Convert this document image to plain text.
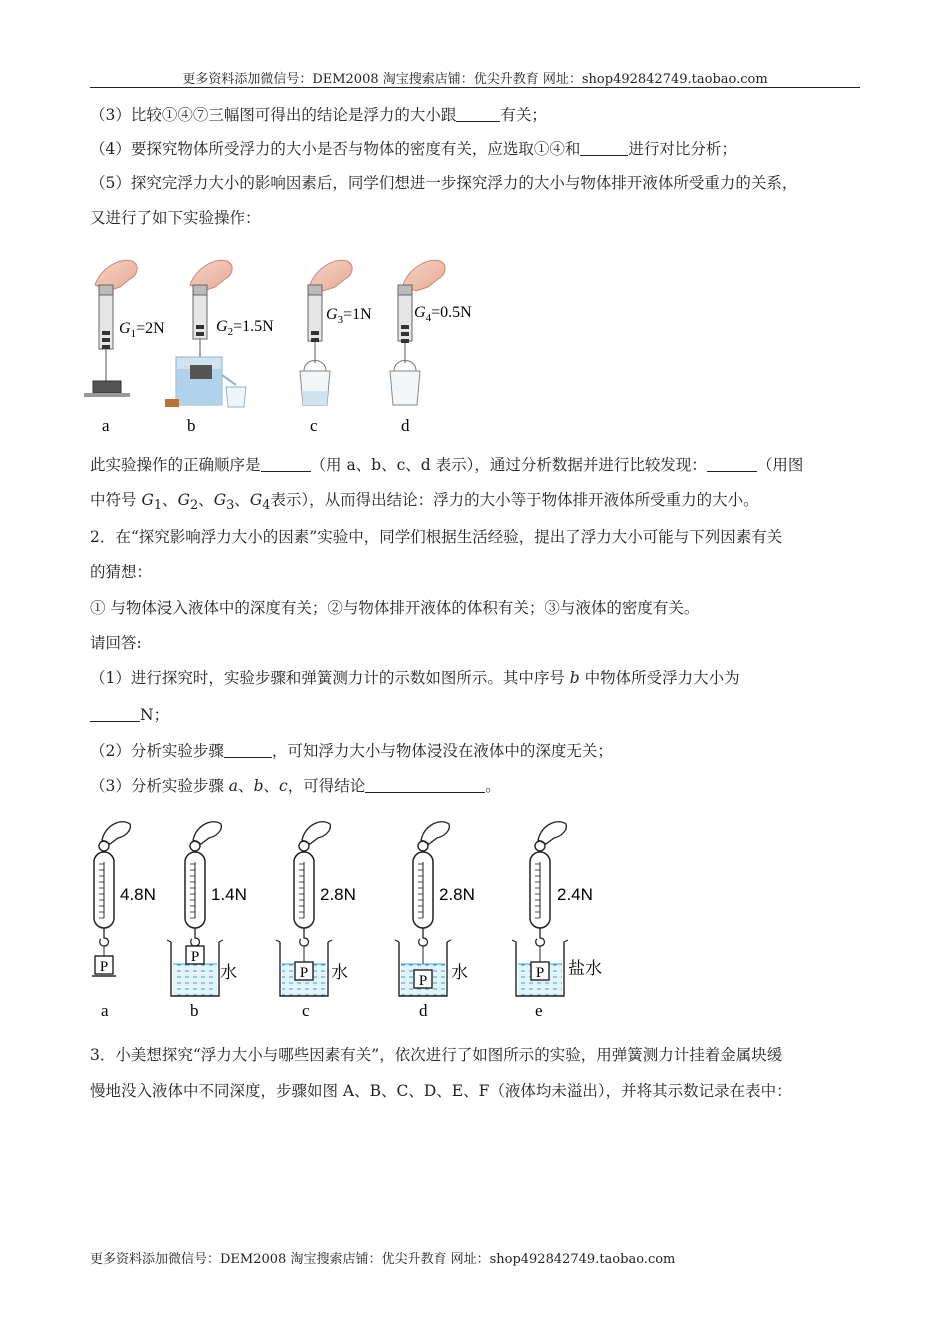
更多资料添加微信号：DEM2008 淘宝搜索店铺：优尖升教育 网址：shop492842749.taobao.com
（3）比较①④⑦三幅图可得出的结论是浮力的大小跟	有关；
（4）要探究物体所受浮力的大小是否与物体的密度有关，应选取①④和	进行对比分析；
（5）探究完浮力大小的影响因素后，同学们想进一步探究浮力的大小与物体排开液体所受重力的关系，
又进行了如下实验操作：
$G_1=2N$	$G_2=1.5N$
$G_3=1N$	$G_4=0.5N$
a	b	c	d
此实验操作的正确顺序是	（用 a、b、c、d 表示），通过分析数据并进行比较发现：	（用图
中符号 $G_1$、$G_2$、$G_3$、$G_4$表示），从而得出结论：浮力的大小等于物体排开液体所受重力的大小。
2．在“探究影响浮力大小的因素”实验中，同学们根据生活经验，提出了浮力大小可能与下列因素有关
的猜想：
① 与物体浸入液体中的深度有关；②与物体排开液体的体积有关；③与液体的密度有关。
请回答:
（1）进行探究时，实验步骤和弹簧测力计的示数如图所示。其中序号 b 中物体所受浮力大小为
N；
（2）分析实验步骤	，可知浮力大小与物体浸没在液体中的深度无关；
（3）分析实验步骤 a、b、c，可得结论	。
P
P
P	P	P
4.8N	1.4N	2.8N	2.8N	2.4N
水	水	水	盐水
a	b	c	d	e
3．小美想探究“浮力大小与哪些因素有关”，依次进行了如图所示的实验，用弹簧测力计挂着金属块缓
慢地没入液体中不同深度，步骤如图 A、B、C、D、E、F（液体均未溢出），并将其示数记录在表中：
更多资料添加微信号：DEM2008 淘宝搜索店铺：优尖升教育 网址：shop492842749.taobao.com
